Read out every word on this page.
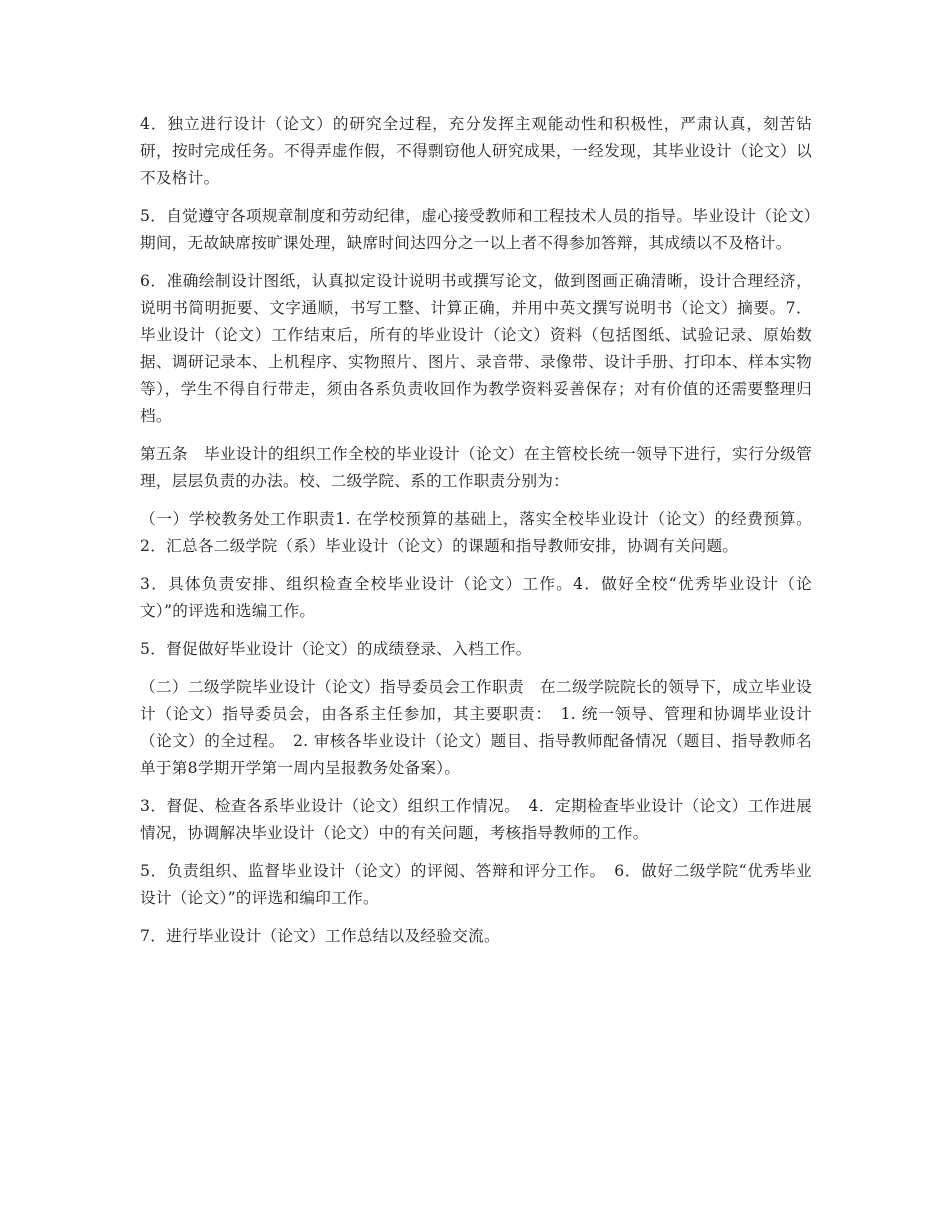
4．独立进行设计（论文）的研究全过程，充分发挥主观能动性和积极性，严肃认真，刻苦钻研，按时完成任务。不得弄虚作假，不得剽窃他人研究成果，一经发现，其毕业设计（论文）以不及格计。

5．自觉遵守各项规章制度和劳动纪律，虚心接受教师和工程技术人员的指导。毕业设计（论文）期间，无故缺席按旷课处理，缺席时间达四分之一以上者不得参加答辩，其成绩以不及格计。

6．准确绘制设计图纸，认真拟定设计说明书或撰写论文，做到图画正确清晰，设计合理经济，说明书简明扼要、文字通顺，书写工整、计算正确，并用中英文撰写说明书（论文）摘要。7．毕业设计（论文）工作结束后，所有的毕业设计（论文）资料（包括图纸、试验记录、原始数据、调研记录本、上机程序、实物照片、图片、录音带、录像带、设计手册、打印本、样本实物等），学生不得自行带走，须由各系负责收回作为教学资料妥善保存；对有价值的还需要整理归档。

第五条　毕业设计的组织工作全校的毕业设计（论文）在主管校长统一领导下进行，实行分级管理，层层负责的办法。校、二级学院、系的工作职责分别为：

（一）学校教务处工作职责1. 在学校预算的基础上，落实全校毕业设计（论文）的经费预算。2．汇总各二级学院（系）毕业设计（论文）的课题和指导教师安排，协调有关问题。

3．具体负责安排、组织检查全校毕业设计（论文）工作。4．做好全校“优秀毕业设计（论文）”的评选和选编工作。

5．督促做好毕业设计（论文）的成绩登录、入档工作。

（二）二级学院毕业设计（论文）指导委员会工作职责　在二级学院院长的领导下，成立毕业设计（论文）指导委员会，由各系主任参加，其主要职责：　1. 统一领导、管理和协调毕业设计（论文）的全过程。　2. 审核各毕业设计（论文）题目、指导教师配备情况（题目、指导教师名单于第8学期开学第一周内呈报教务处备案）。

3．督促、检查各系毕业设计（论文）组织工作情况。　4．定期检查毕业设计（论文）工作进展情况，协调解决毕业设计（论文）中的有关问题，考核指导教师的工作。

5．负责组织、监督毕业设计（论文）的评阅、答辩和评分工作。　6．做好二级学院“优秀毕业设计（论文）”的评选和编印工作。

7．进行毕业设计（论文）工作总结以及经验交流。
